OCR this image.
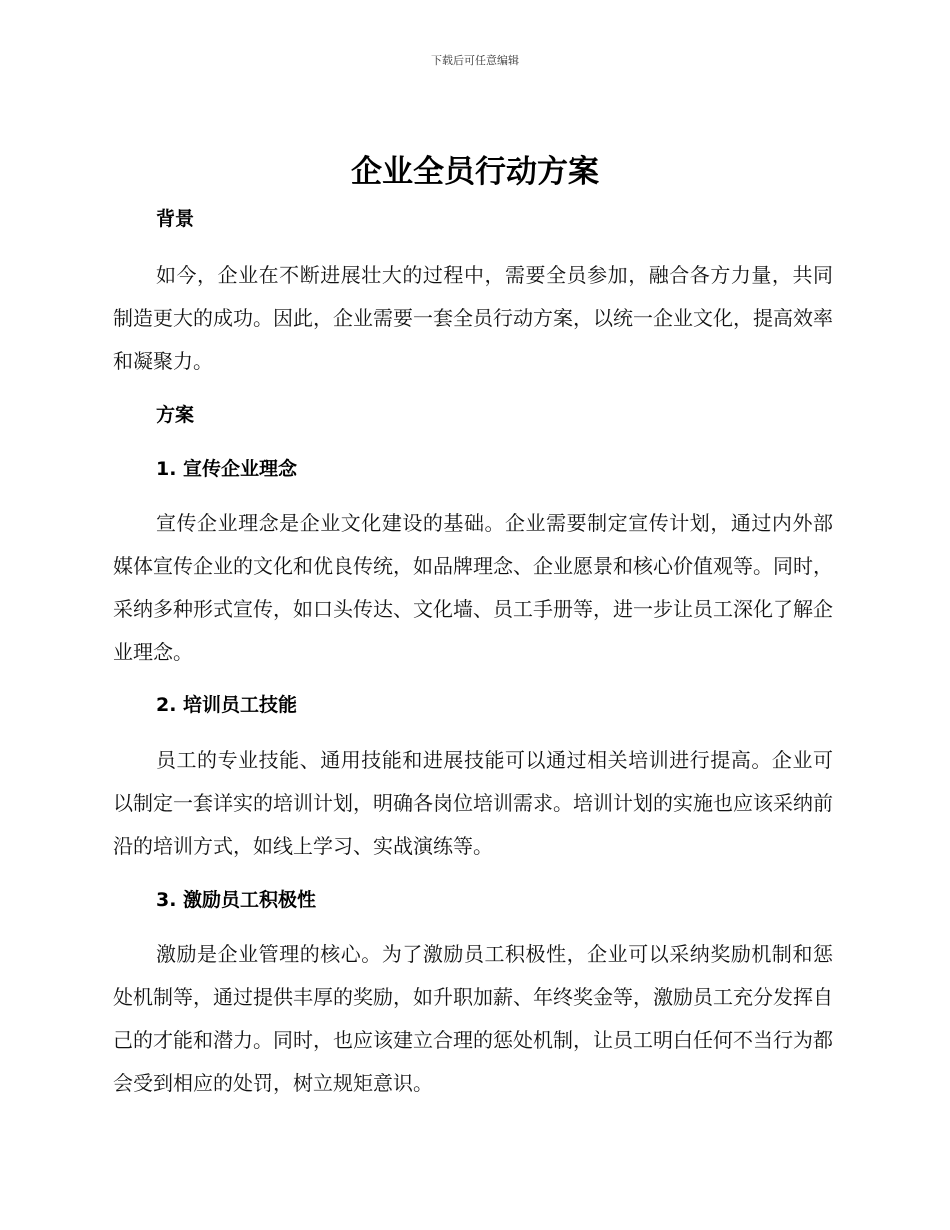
下载后可任意编辑
企业全员行动方案
背景

如今，企业在不断进展壮大的过程中，需要全员参加，融合各方力量，共同制造更大的成功。因此，企业需要一套全员行动方案，以统一企业文化，提高效率和凝聚力。

方案
1. 宣传企业理念

宣传企业理念是企业文化建设的基础。企业需要制定宣传计划，通过内外部媒体宣传企业的文化和优良传统，如品牌理念、企业愿景和核心价值观等。同时，采纳多种形式宣传，如口头传达、文化墙、员工手册等，进一步让员工深化了解企业理念。

2. 培训员工技能

员工的专业技能、通用技能和进展技能可以通过相关培训进行提高。企业可以制定一套详实的培训计划，明确各岗位培训需求。培训计划的实施也应该采纳前沿的培训方式，如线上学习、实战演练等。

3. 激励员工积极性

激励是企业管理的核心。为了激励员工积极性，企业可以采纳奖励机制和惩处机制等，通过提供丰厚的奖励，如升职加薪、年终奖金等，激励员工充分发挥自己的才能和潜力。同时，也应该建立合理的惩处机制，让员工明白任何不当行为都会受到相应的处罚，树立规矩意识。
